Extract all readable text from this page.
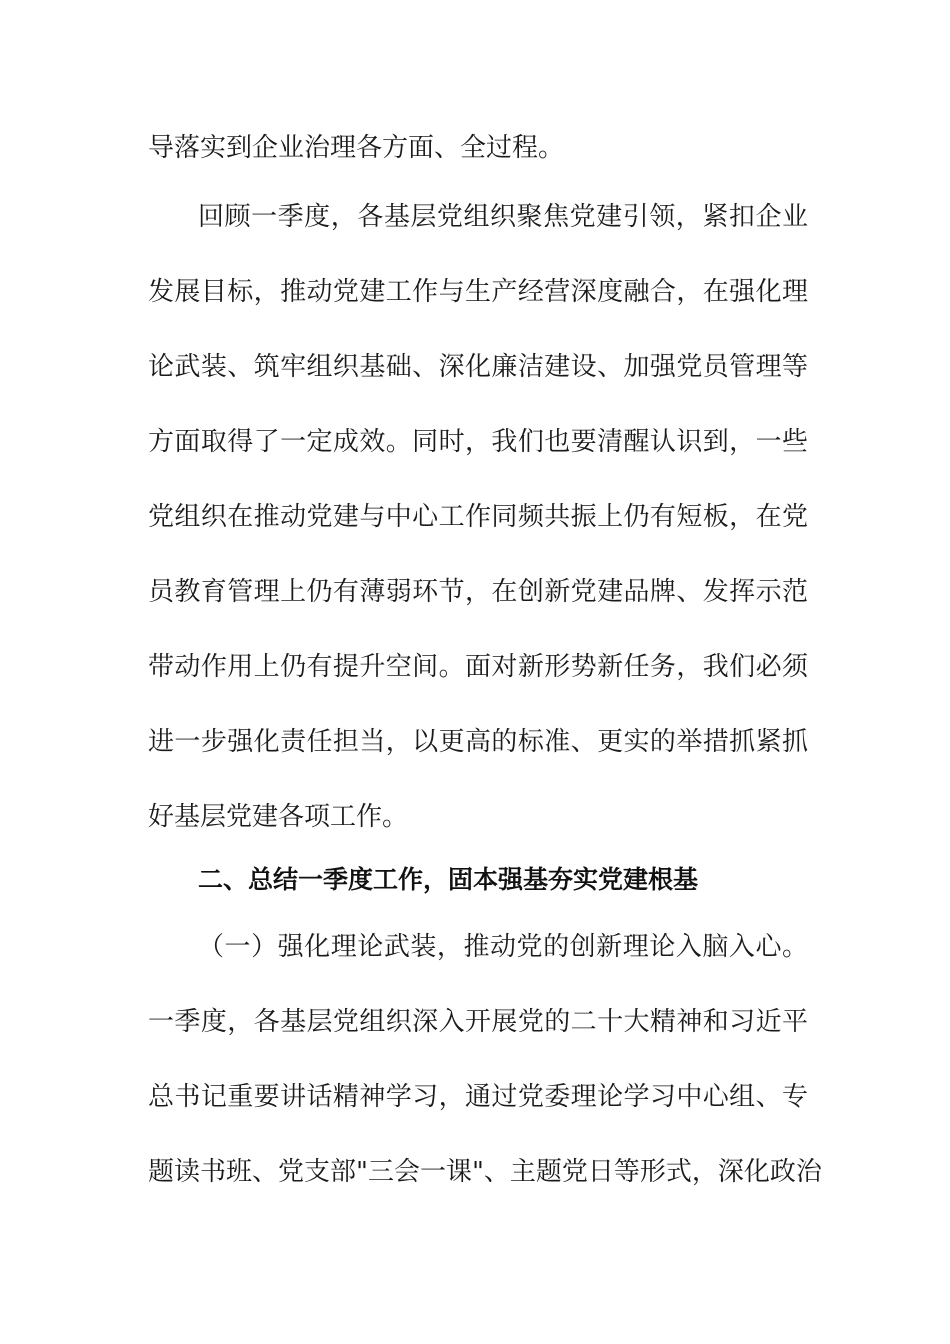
导落实到企业治理各方面、全过程。
回顾一季度，各基层党组织聚焦党建引领，紧扣企业
发展目标，推动党建工作与生产经营深度融合，在强化理
论武装、筑牢组织基础、深化廉洁建设、加强党员管理等
方面取得了一定成效。同时，我们也要清醒认识到，一些
党组织在推动党建与中心工作同频共振上仍有短板，在党
员教育管理上仍有薄弱环节，在创新党建品牌、发挥示范
带动作用上仍有提升空间。面对新形势新任务，我们必须
进一步强化责任担当，以更高的标准、更实的举措抓紧抓
好基层党建各项工作。
二、总结一季度工作，固本强基夯实党建根基
（一）强化理论武装，推动党的创新理论入脑入心。
一季度，各基层党组织深入开展党的二十大精神和习近平
总书记重要讲话精神学习，通过党委理论学习中心组、专
题读书班、党支部"三会一课"、主题党日等形式，深化政治
